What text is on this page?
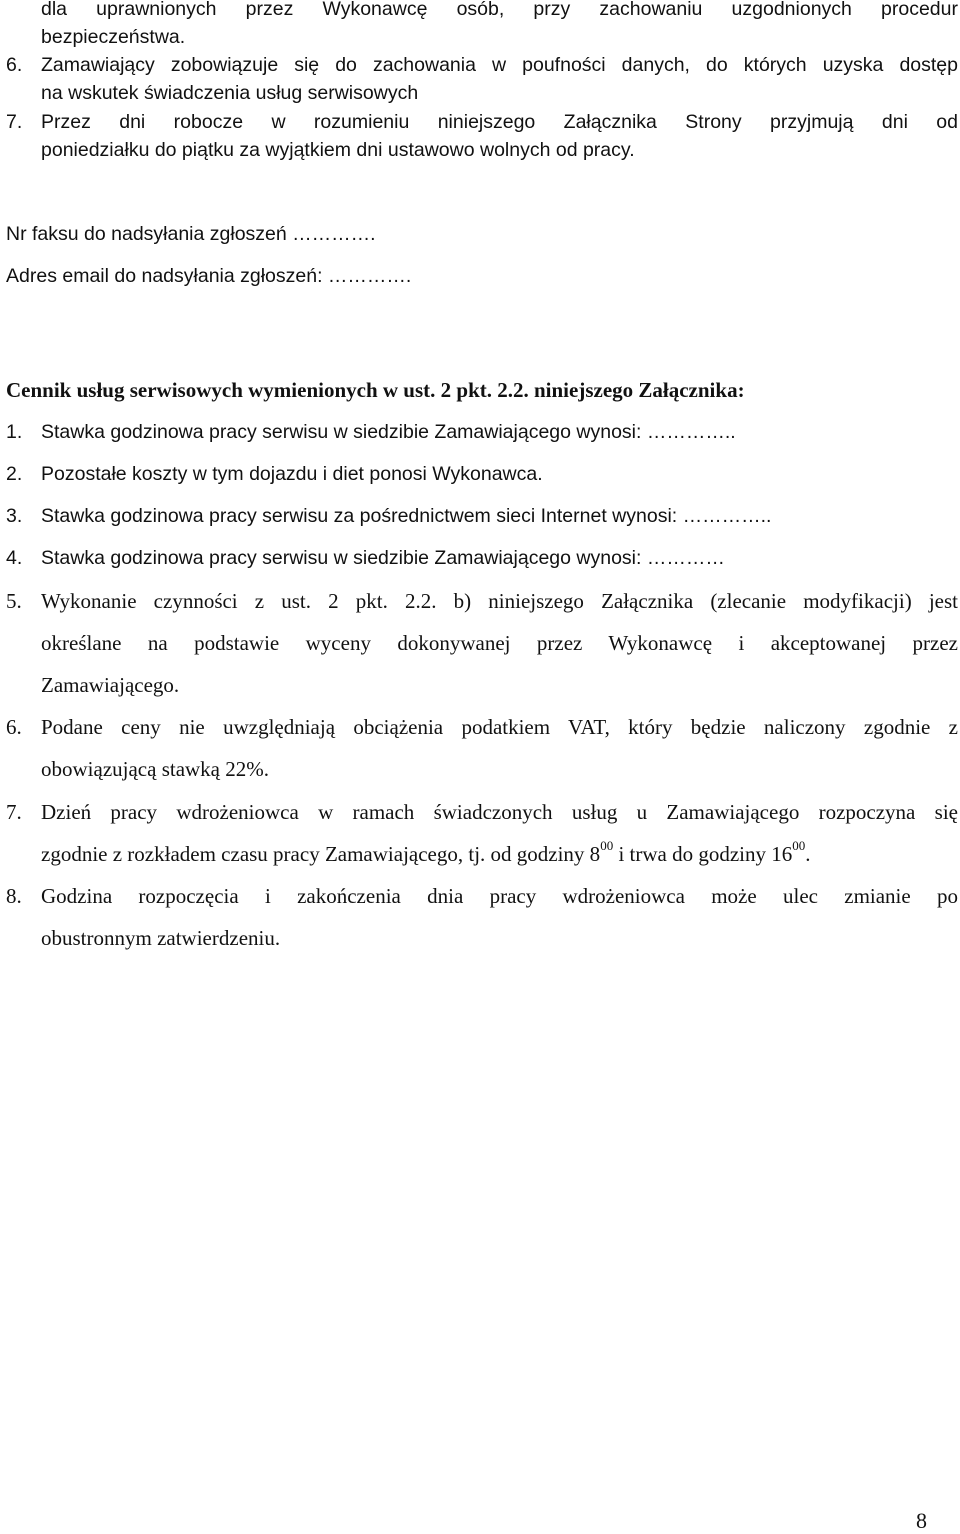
dla uprawnionych przez Wykonawcę osób, przy zachowaniu uzgodnionych procedur
bezpieczeństwa.
6. Zamawiający zobowiązuje się do zachowania w poufności danych, do których uzyska dostęp
na wskutek świadczenia usług serwisowych
7. Przez dni robocze w rozumieniu niniejszego Załącznika Strony przyjmują dni od
poniedziałku do piątku za wyjątkiem dni ustawowo wolnych od pracy.
Nr faksu do nadsyłania zgłoszeń ………….
Adres email do nadsyłania zgłoszeń: ………….
Cennik usług serwisowych wymienionych w ust. 2 pkt. 2.2. niniejszego Załącznika:
1. Stawka godzinowa pracy serwisu w siedzibie Zamawiającego wynosi: …………..
2. Pozostałe koszty w tym dojazdu i diet ponosi Wykonawca.
3. Stawka godzinowa pracy serwisu za pośrednictwem sieci Internet wynosi: …………..
4. Stawka godzinowa pracy serwisu w siedzibie Zamawiającego wynosi: …………
5. Wykonanie czynności z ust. 2 pkt. 2.2. b) niniejszego Załącznika (zlecanie modyfikacji) jest
określane na podstawie wyceny dokonywanej przez Wykonawcę i akceptowanej przez
Zamawiającego.
6. Podane ceny nie uwzględniają obciążenia podatkiem VAT, który będzie naliczony zgodnie z
obowiązującą stawką 22%.
7. Dzień pracy wdrożeniowca w ramach świadczonych usług u Zamawiającego rozpoczyna się
zgodnie z rozkładem czasu pracy Zamawiającego, tj. od godziny $8^{00}$ i trwa do godziny $16^{00}$.
8. Godzina rozpoczęcia i zakończenia dnia pracy wdrożeniowca może ulec zmianie po
obustronnym zatwierdzeniu.
8
